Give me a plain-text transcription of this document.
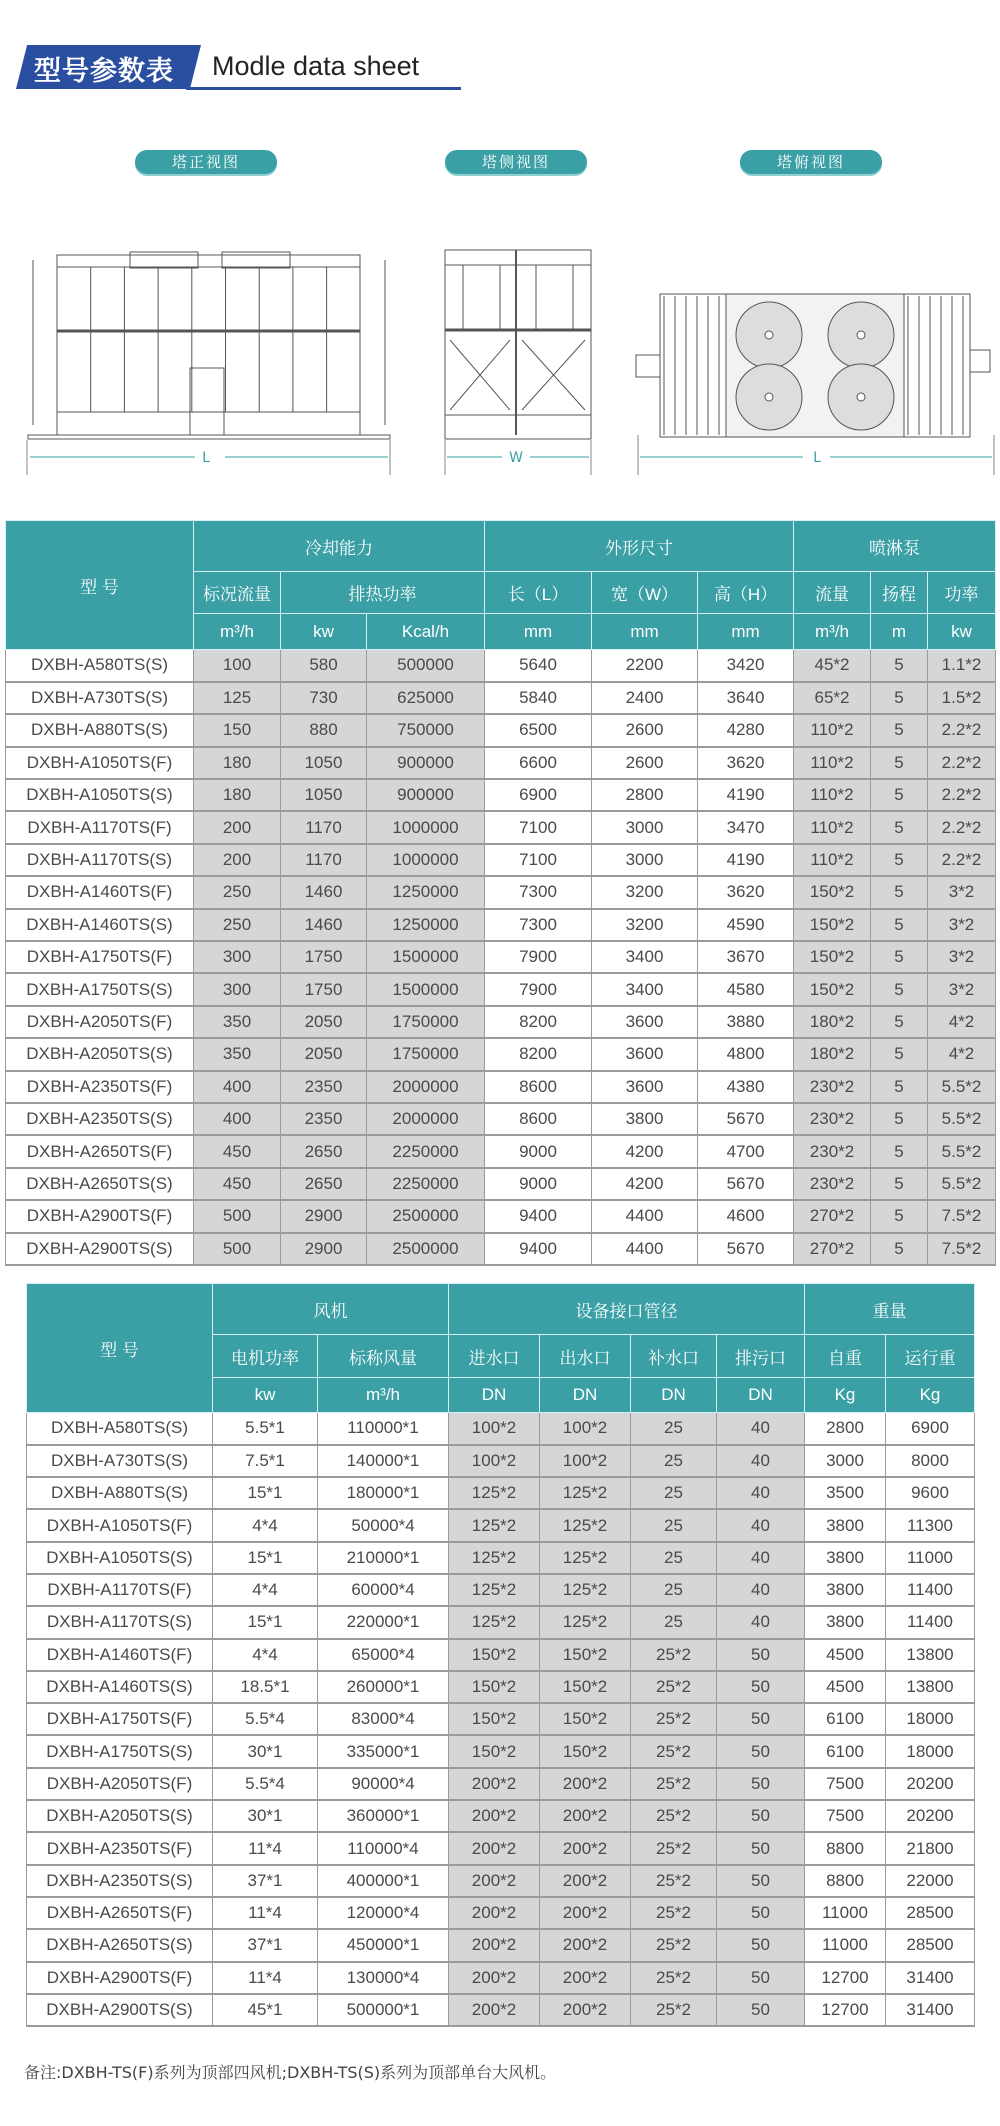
型号参数表 Modle data sheet
塔正视图	塔侧视图	塔俯视图
L	W	L
型 号	冷却能力			外形尺寸			喷淋泵		
	标况流量	排热功率		长（L）	宽（W）	高（H）	流量	扬程	功率
	m³/h	kw	Kcal/h	mm	mm	mm	m³/h	m	kw
DXBH-A580TS(S)	100	580	500000	5640	2200	3420	45*2	5	1.1*2
DXBH-A730TS(S)	125	730	625000	5840	2400	3640	65*2	5	1.5*2
DXBH-A880TS(S)	150	880	750000	6500	2600	4280	110*2	5	2.2*2
DXBH-A1050TS(F)	180	1050	900000	6600	2600	3620	110*2	5	2.2*2
DXBH-A1050TS(S)	180	1050	900000	6900	2800	4190	110*2	5	2.2*2
DXBH-A1170TS(F)	200	1170	1000000	7100	3000	3470	110*2	5	2.2*2
DXBH-A1170TS(S)	200	1170	1000000	7100	3000	4190	110*2	5	2.2*2
DXBH-A1460TS(F)	250	1460	1250000	7300	3200	3620	150*2	5	3*2
DXBH-A1460TS(S)	250	1460	1250000	7300	3200	4590	150*2	5	3*2
DXBH-A1750TS(F)	300	1750	1500000	7900	3400	3670	150*2	5	3*2
DXBH-A1750TS(S)	300	1750	1500000	7900	3400	4580	150*2	5	3*2
DXBH-A2050TS(F)	350	2050	1750000	8200	3600	3880	180*2	5	4*2
DXBH-A2050TS(S)	350	2050	1750000	8200	3600	4800	180*2	5	4*2
DXBH-A2350TS(F)	400	2350	2000000	8600	3600	4380	230*2	5	5.5*2
DXBH-A2350TS(S)	400	2350	2000000	8600	3800	5670	230*2	5	5.5*2
DXBH-A2650TS(F)	450	2650	2250000	9000	4200	4700	230*2	5	5.5*2
DXBH-A2650TS(S)	450	2650	2250000	9000	4200	5670	230*2	5	5.5*2
DXBH-A2900TS(F)	500	2900	2500000	9400	4400	4600	270*2	5	7.5*2
DXBH-A2900TS(S)	500	2900	2500000	9400	4400	5670	270*2	5	7.5*2
型 号	风机		设备接口管径				重量	
	电机功率	标称风量	进水口	出水口	补水口	排污口	自重	运行重
	kw	m³/h	DN	DN	DN	DN	Kg	Kg
DXBH-A580TS(S)	5.5*1	110000*1	100*2	100*2	25	40	2800	6900
DXBH-A730TS(S)	7.5*1	140000*1	100*2	100*2	25	40	3000	8000
DXBH-A880TS(S)	15*1	180000*1	125*2	125*2	25	40	3500	9600
DXBH-A1050TS(F)	4*4	50000*4	125*2	125*2	25	40	3800	11300
DXBH-A1050TS(S)	15*1	210000*1	125*2	125*2	25	40	3800	11000
DXBH-A1170TS(F)	4*4	60000*4	125*2	125*2	25	40	3800	11400
DXBH-A1170TS(S)	15*1	220000*1	125*2	125*2	25	40	3800	11400
DXBH-A1460TS(F)	4*4	65000*4	150*2	150*2	25*2	50	4500	13800
DXBH-A1460TS(S)	18.5*1	260000*1	150*2	150*2	25*2	50	4500	13800
DXBH-A1750TS(F)	5.5*4	83000*4	150*2	150*2	25*2	50	6100	18000
DXBH-A1750TS(S)	30*1	335000*1	150*2	150*2	25*2	50	6100	18000
DXBH-A2050TS(F)	5.5*4	90000*4	200*2	200*2	25*2	50	7500	20200
DXBH-A2050TS(S)	30*1	360000*1	200*2	200*2	25*2	50	7500	20200
DXBH-A2350TS(F)	11*4	110000*4	200*2	200*2	25*2	50	8800	21800
DXBH-A2350TS(S)	37*1	400000*1	200*2	200*2	25*2	50	8800	22000
DXBH-A2650TS(F)	11*4	120000*4	200*2	200*2	25*2	50	11000	28500
DXBH-A2650TS(S)	37*1	450000*1	200*2	200*2	25*2	50	11000	28500
DXBH-A2900TS(F)	11*4	130000*4	200*2	200*2	25*2	50	12700	31400
DXBH-A2900TS(S)	45*1	500000*1	200*2	200*2	25*2	50	12700	31400
备注:DXBH-TS(F)系列为顶部四风机;DXBH-TS(S)系列为顶部单台大风机。
